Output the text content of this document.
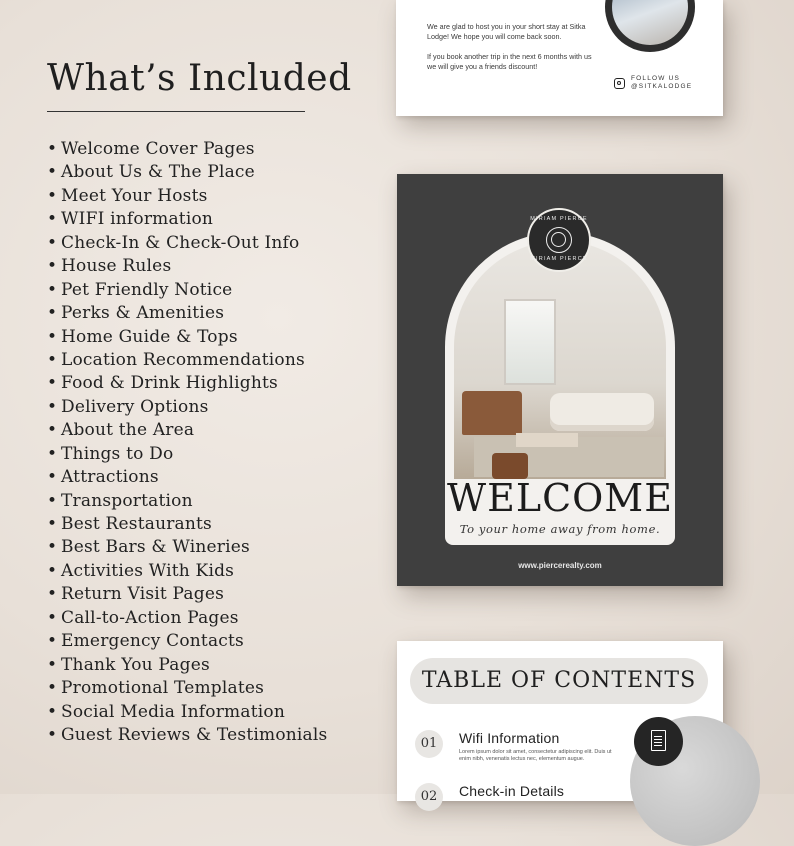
What’s Included
• Welcome Cover Pages
• About Us & The Place
• Meet Your Hosts
• WIFI information
• Check-In & Check-Out Info
• House Rules
• Pet Friendly Notice
• Perks & Amenities
• Home Guide & Tops
• Location Recommendations
• Food & Drink Highlights
• Delivery Options
• About the Area
• Things to Do
• Attractions
• Transportation
• Best Restaurants
• Best Bars & Wineries
• Activities With Kids
• Return Visit Pages
• Call-to-Action Pages
• Emergency Contacts
• Thank You Pages
• Promotional Templates
• Social Media Information
• Guest Reviews & Testimonials

We are glad to host you in your short stay at Sitka Lodge! We hope you will come back soon.

If you book another trip in the next 6 months with us we will give you a friends discount!

FOLLOW US
@SITKALODGE
WELCOME
To your home away from home.
MIRIAM PIERCE
MIRIAM PIERCE
www.piercerealty.com
TABLE OF CONTENTS
01	Wifi Information
Lorem ipsum dolor sit amet, consectetur adipiscing elit. Duis ut enim nibh, venenatis lectus nec, elementum augue.
02	Check-in Details
